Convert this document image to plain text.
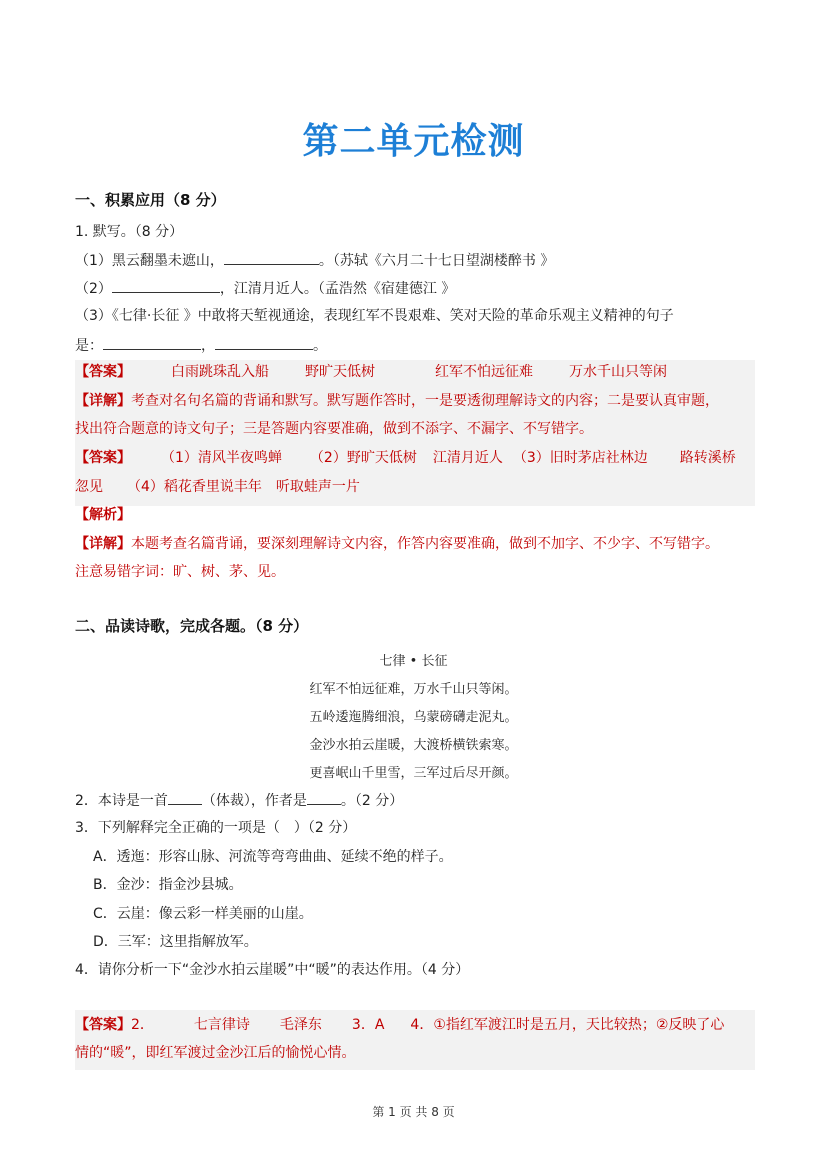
第二单元检测
一、积累应用（8 分）
1. 默写。（8 分）
（1）黑云翻墨未遮山，	。（苏轼《六月二十七日望湖楼醉书 》
（2）	，江清月近人。（孟浩然《宿建德江 》
（3）《七律·长征 》中敢将天堑视通途，表现红军不畏艰难、笑对天险的革命乐观主义精神的句子
是：	，	。
【答案】	白雨跳珠乱入船	野旷天低树	红军不怕远征难	万水千山只等闲
【详解】考查对名句名篇的背诵和默写。默写题作答时，一是要透彻理解诗文的内容；二是要认真审题，
找出符合题意的诗文句子；三是答题内容要准确，做到不添字、不漏字、不写错字。
【答案】 （1）清风半夜鸣蝉 （2）野旷天低树 江清月近人 （3）旧时茅店社林边 路转溪桥
忽见 （4）稻花香里说丰年 听取蛙声一片
【解析】
【详解】本题考查名篇背诵，要深刻理解诗文内容，作答内容要准确，做到不加字、不少字、不写错字。
注意易错字词：旷、树、茅、见。
二、品读诗歌，完成各题。（8 分）
七律 • 长征
红军不怕远征难，万水千山只等闲。
五岭逶迤腾细浪，乌蒙磅礴走泥丸。
金沙水拍云崖暖，大渡桥横铁索寒。
更喜岷山千里雪，三军过后尽开颜。
2．本诗是一首 （体裁），作者是 。（2 分）
3．下列解释完全正确的一项是（　）（2 分）
A．透迤：形容山脉、河流等弯弯曲曲、延续不绝的样子。
B．金沙：指金沙县城。
C．云崖：像云彩一样美丽的山崖。
D．三军：这里指解放军。
4．请你分析一下“金沙水拍云崖暖”中“暖”的表达作用。（4 分）
【答案】2．	七言律诗 毛泽东 3．A 4．①指红军渡江时是五月，天比较热；②反映了心
情的“暖”，即红军渡过金沙江后的愉悦心情。
第 1 页 共 8 页
